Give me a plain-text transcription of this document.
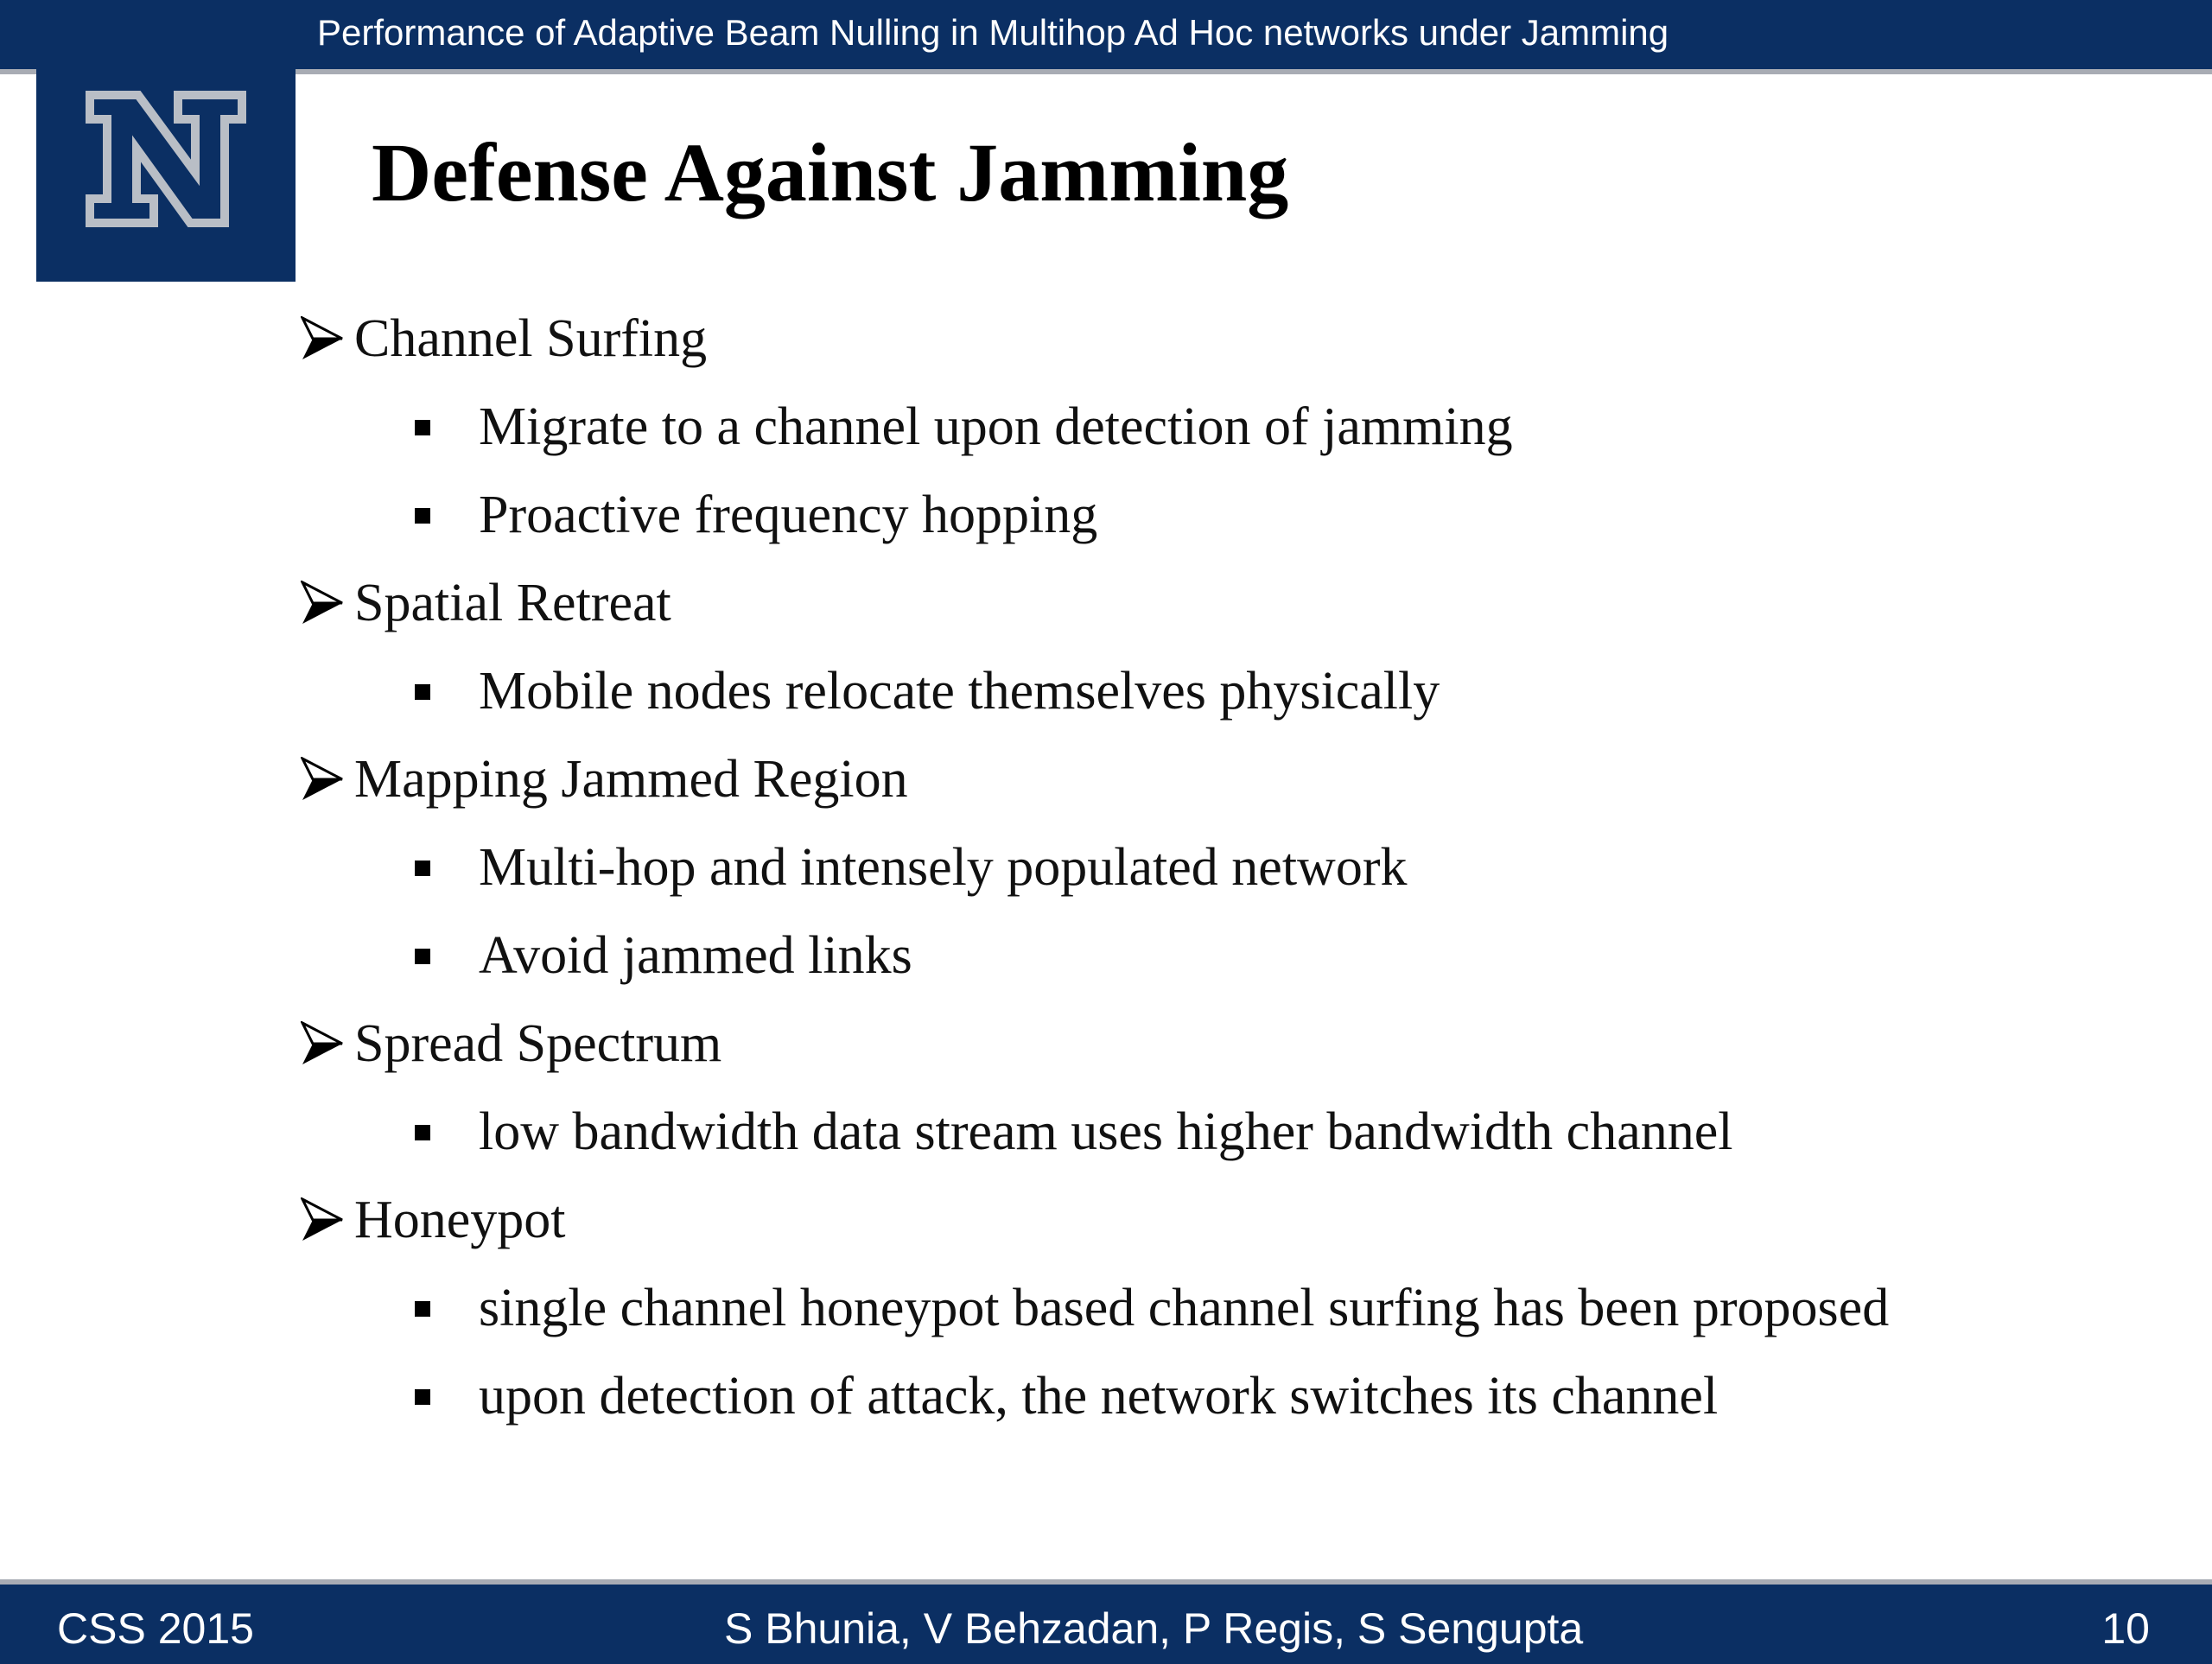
Performance of Adaptive Beam Nulling in Multihop Ad Hoc networks under Jamming
Defense Against Jamming
Channel Surfing
Migrate to a channel upon detection of jamming
Proactive frequency hopping
Spatial Retreat
Mobile nodes relocate themselves physically
Mapping Jammed Region
Multi-hop and intensely populated network
Avoid jammed links
Spread Spectrum
low bandwidth data stream uses higher bandwidth channel
Honeypot
single channel honeypot based channel surfing has been proposed
upon detection of attack, the network switches its channel
CSS 2015	S Bhunia, V Behzadan, P Regis, S Sengupta	10
